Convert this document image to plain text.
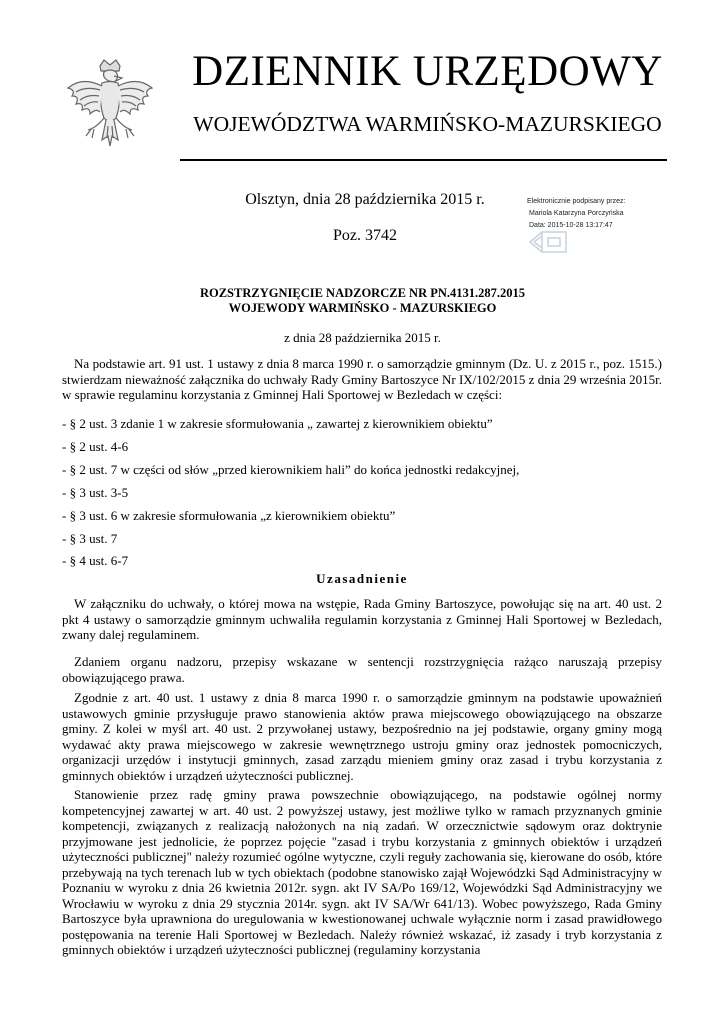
DZIENNIK URZĘDOWY
WOJEWÓDZTWA WARMIŃSKO-MAZURSKIEGO
Olsztyn, dnia 28 października 2015 r.
Poz. 3742
Elektronicznie podpisany przez:
Mariola Katarzyna Porczyńska
Data: 2015-10-28 13:17:47
ROZSTRZYGNIĘCIE NADZORCZE NR PN.4131.287.2015
WOJEWODY WARMIŃSKO - MAZURSKIEGO
z dnia 28 października 2015 r.

Na podstawie art. 91 ust. 1 ustawy z dnia 8 marca 1990 r. o samorządzie gminnym (Dz. U. z 2015 r., poz. 1515.) stwierdzam nieważność załącznika do uchwały Rady Gminy Bartoszyce Nr IX/102/2015 z dnia 29 września 2015r. w sprawie regulaminu korzystania z Gminnej Hali Sportowej w Bezledach w części:

- § 2 ust. 3 zdanie 1 w zakresie sformułowania „ zawartej z kierownikiem obiektu”
- § 2 ust. 4-6
- § 2 ust. 7 w części od słów „przed kierownikiem hali” do końca jednostki redakcyjnej,
- § 3 ust. 3-5
- § 3 ust. 6 w zakresie sformułowania „z kierownikiem obiektu”
- § 3 ust. 7
- § 4 ust. 6-7
Uzasadnienie

W załączniku do uchwały, o której mowa na wstępie, Rada Gminy Bartoszyce, powołując się na art. 40 ust. 2 pkt 4 ustawy o samorządzie gminnym uchwaliła regulamin korzystania z Gminnej Hali Sportowej w Bezledach, zwany dalej regulaminem.

Zdaniem organu nadzoru, przepisy wskazane w sentencji rozstrzygnięcia rażąco naruszają przepisy obowiązującego prawa.

Zgodnie z art. 40 ust. 1 ustawy z dnia 8 marca 1990 r. o samorządzie gminnym na podstawie upoważnień ustawowych gminie przysługuje prawo stanowienia aktów prawa miejscowego obowiązującego na obszarze gminy. Z kolei w myśl art. 40 ust. 2 przywołanej ustawy, bezpośrednio na jej podstawie, organy gminy mogą wydawać akty prawa miejscowego w zakresie wewnętrznego ustroju gminy oraz jednostek pomocniczych, organizacji urzędów i instytucji gminnych, zasad zarządu mieniem gminy oraz zasad i trybu korzystania z gminnych obiektów i urządzeń użyteczności publicznej.

Stanowienie przez radę gminy prawa powszechnie obowiązującego, na podstawie ogólnej normy kompetencyjnej zawartej w art. 40 ust. 2 powyższej ustawy, jest możliwe tylko w ramach przyznanych gminie kompetencji, związanych z realizacją nałożonych na nią zadań. W orzecznictwie sądowym oraz doktrynie przyjmowane jest jednolicie, że poprzez pojęcie "zasad i trybu korzystania z gminnych obiektów i urządzeń użyteczności publicznej" należy rozumieć ogólne wytyczne, czyli reguły zachowania się, kierowane do osób, które przebywają na tych terenach lub w tych obiektach (podobne stanowisko zajął Wojewódzki Sąd Administracyjny w Poznaniu w wyroku z dnia 26 kwietnia 2012r. sygn. akt IV SA/Po 169/12, Wojewódzki Sąd Administracyjny we Wrocławiu w wyroku z dnia 29 stycznia 2014r. sygn. akt IV SA/Wr 641/13). Wobec powyższego, Rada Gminy Bartoszyce była uprawniona do uregulowania w kwestionowanej uchwale wyłącznie norm i zasad prawidłowego postępowania na terenie Hali Sportowej w Bezledach. Należy również wskazać, iż zasady i tryb korzystania z gminnych obiektów i urządzeń użyteczności publicznej (regulaminy korzystania
